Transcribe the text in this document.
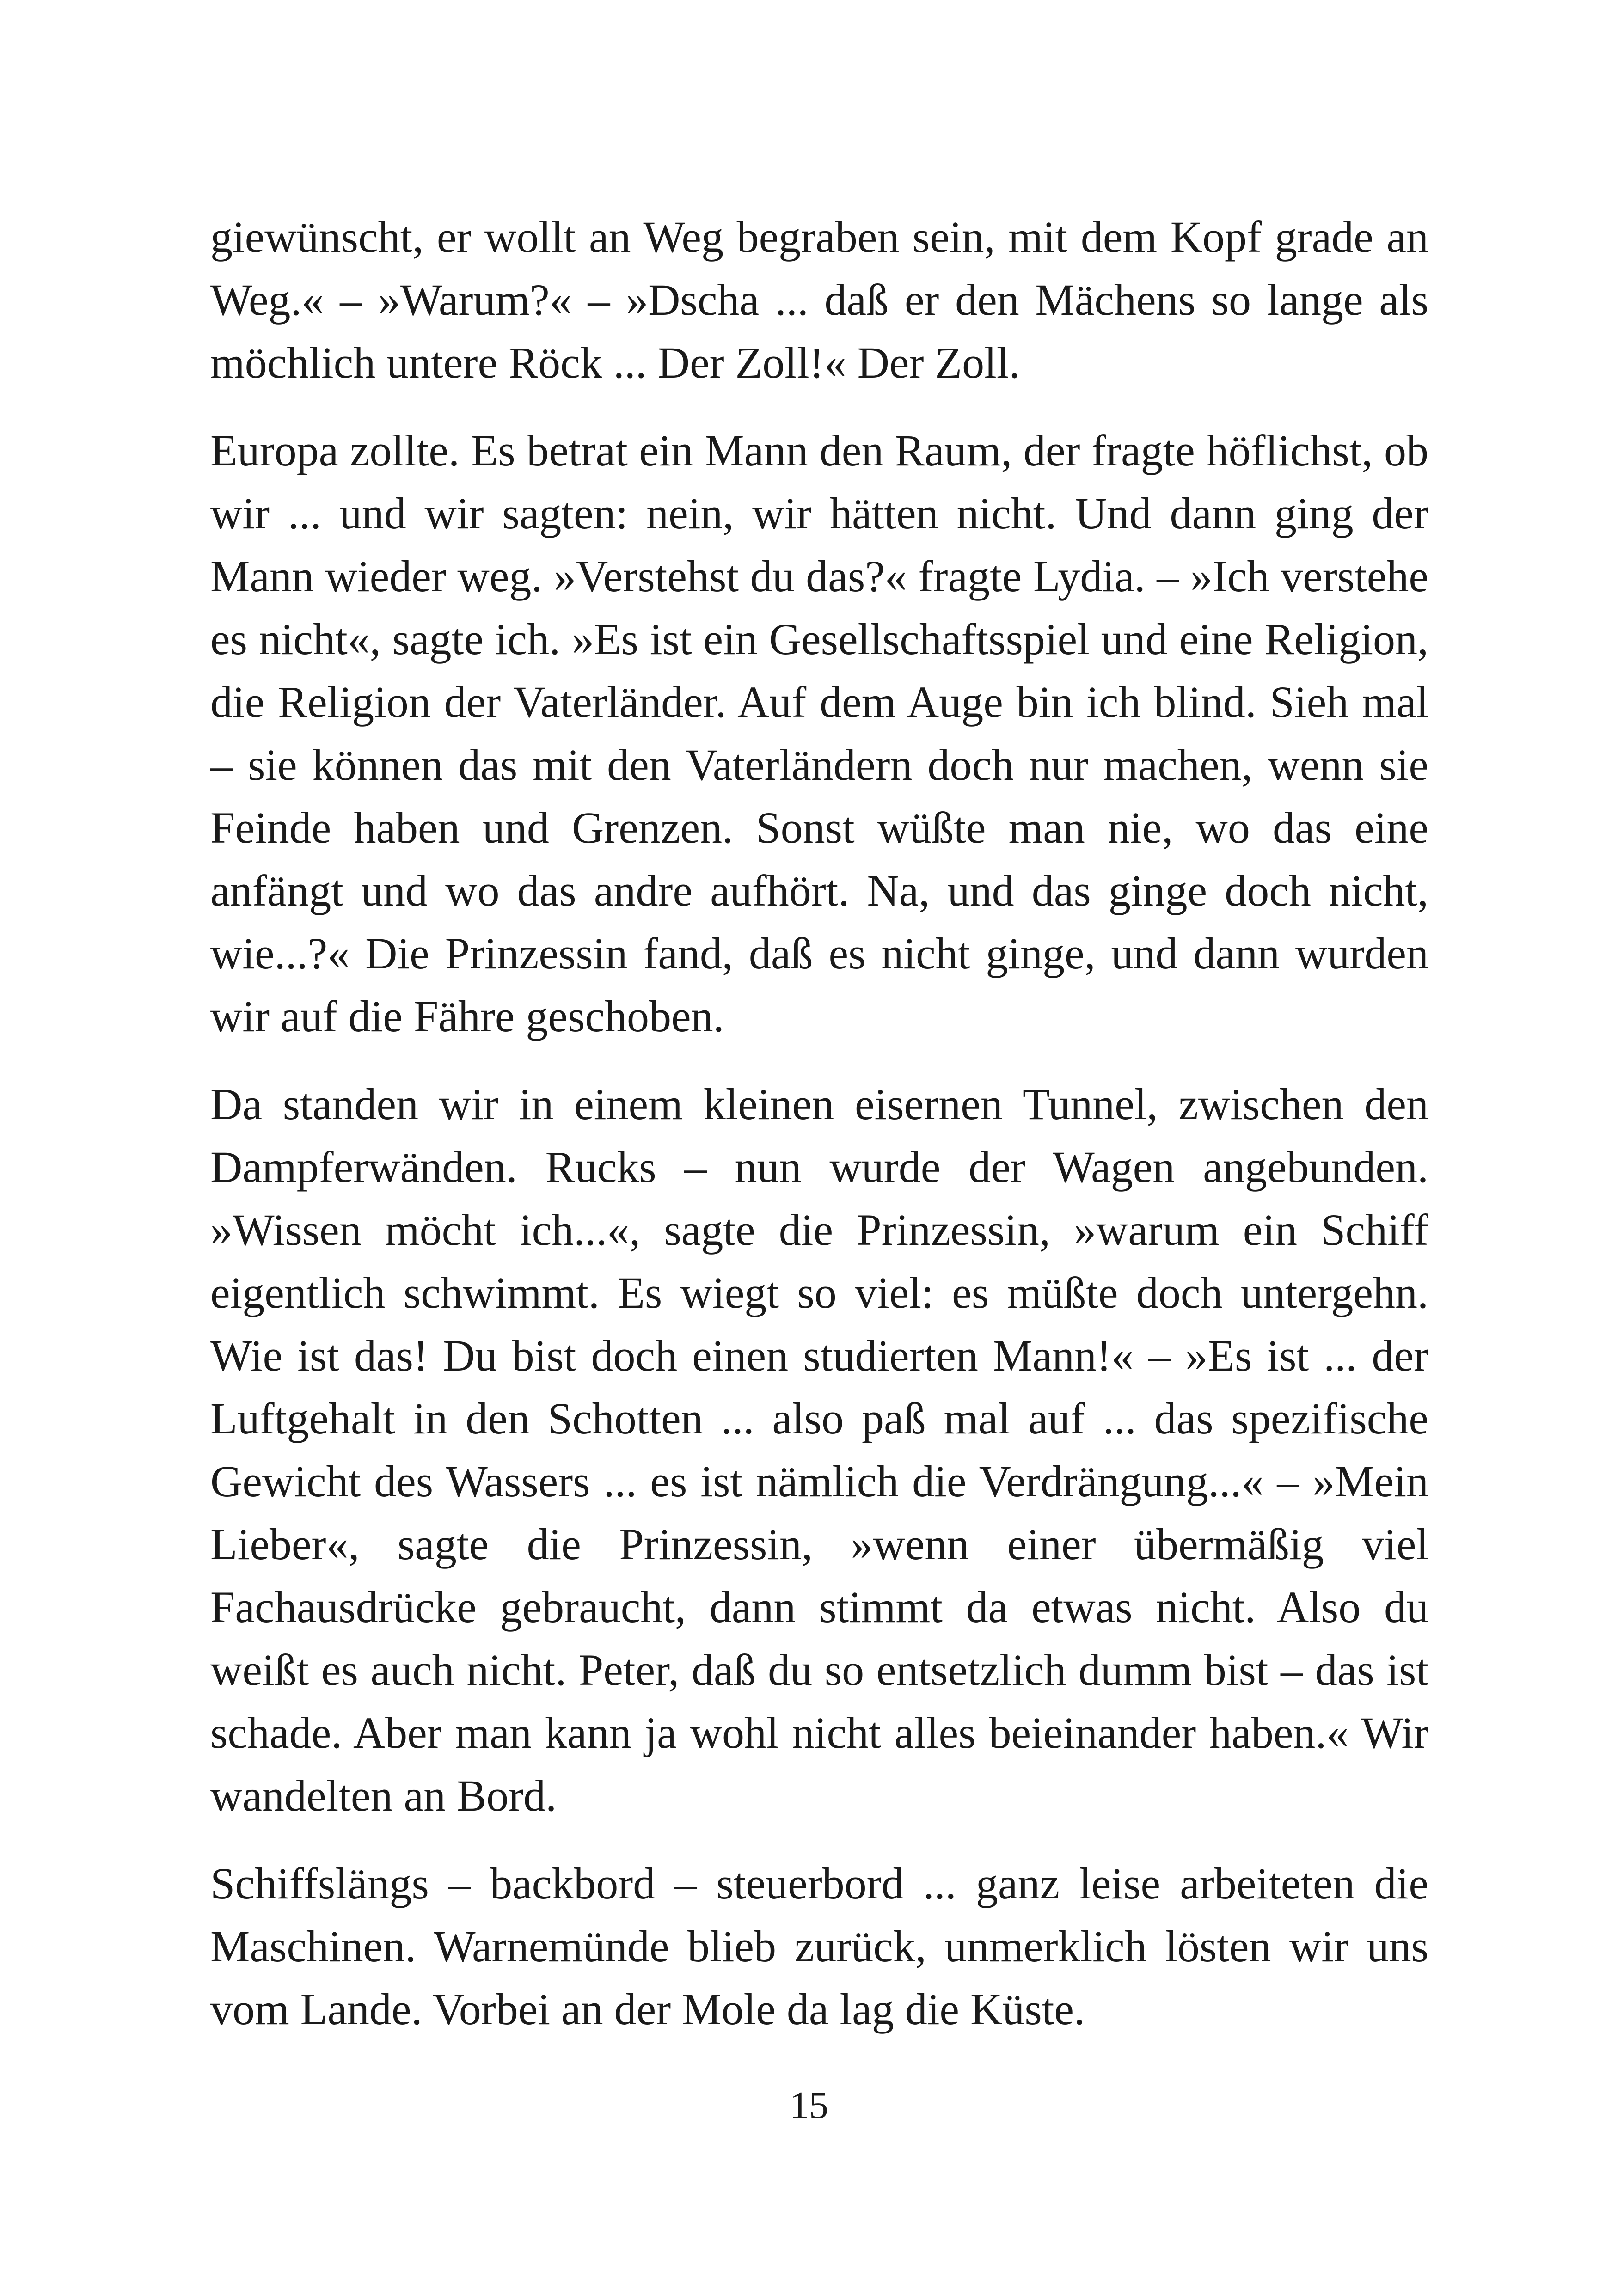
giewünscht, er wollt an Weg begraben sein, mit dem Kopf grade an Weg.« – »Warum?« – »Dscha ... daß er den Mächens so lange als möchlich untere Röck ... Der Zoll!« Der Zoll.

Europa zollte. Es betrat ein Mann den Raum, der fragte höflichst, ob wir ... und wir sagten: nein, wir hätten nicht. Und dann ging der Mann wieder weg. »Verstehst du das?« fragte Lydia. – »Ich verstehe es nicht«, sagte ich. »Es ist ein Gesellschaftsspiel und eine Religion, die Religion der Vaterländer. Auf dem Auge bin ich blind. Sieh mal – sie können das mit den Vaterländern doch nur machen, wenn sie Feinde haben und Grenzen. Sonst wüßte man nie, wo das eine anfängt und wo das andre aufhört. Na, und das ginge doch nicht, wie...?« Die Prinzessin fand, daß es nicht ginge, und dann wurden wir auf die Fähre geschoben.

Da standen wir in einem kleinen eisernen Tunnel, zwischen den Dampferwänden. Rucks – nun wurde der Wagen angebunden. »Wissen möcht ich...«, sagte die Prinzessin, »warum ein Schiff eigentlich schwimmt. Es wiegt so viel: es müßte doch untergehn. Wie ist das! Du bist doch einen studierten Mann!« – »Es ist ... der Luftgehalt in den Schotten ... also paß mal auf ... das spezifische Gewicht des Wassers ... es ist nämlich die Verdrängung...« – »Mein Lieber«, sagte die Prinzessin, »wenn einer übermäßig viel Fachausdrücke gebraucht, dann stimmt da etwas nicht. Also du weißt es auch nicht. Peter, daß du so entsetzlich dumm bist – das ist schade. Aber man kann ja wohl nicht alles beieinander haben.« Wir wandelten an Bord.

Schiffslängs – backbord – steuerbord ... ganz leise arbeiteten die Maschinen. Warnemünde blieb zurück, unmerklich lösten wir uns vom Lande. Vorbei an der Mole da lag die Küste.

15
